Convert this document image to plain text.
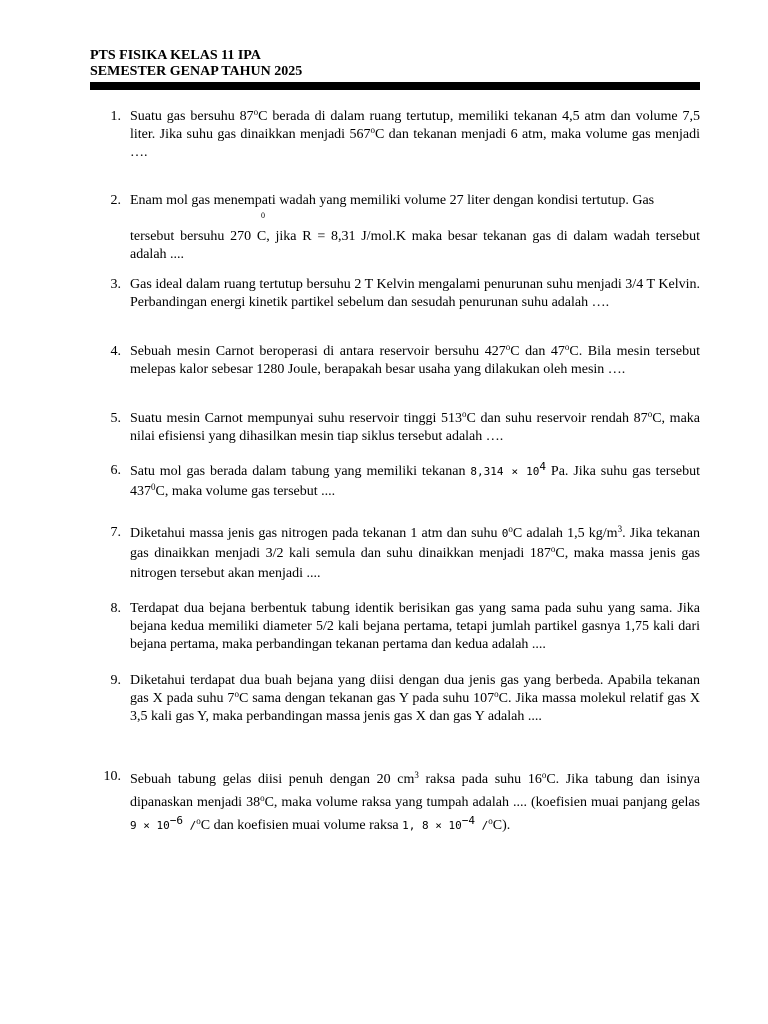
PTS FISIKA KELAS 11 IPA
SEMESTER GENAP TAHUN 2025
1. Suatu gas bersuhu 87$^o$C berada di dalam ruang tertutup, memiliki tekanan 4,5 atm dan volume 7,5 liter. Jika suhu gas dinaikkan menjadi 567$^o$C dan tekanan menjadi 6 atm, maka volume gas menjadi ….
2. Enam mol gas menempati wadah yang memiliki volume 27 liter dengan kondisi tertutup. Gas
0
tersebut bersuhu 270 C, jika R = 8,31 J/mol.K maka besar tekanan gas di dalam wadah tersebut adalah ....
3. Gas ideal dalam ruang tertutup bersuhu 2 T Kelvin mengalami penurunan suhu menjadi 3/4 T Kelvin. Perbandingan energi kinetik partikel sebelum dan sesudah penurunan suhu adalah ….
4. Sebuah mesin Carnot beroperasi di antara reservoir bersuhu 427$^o$C dan 47$^o$C. Bila mesin tersebut melepas kalor sebesar 1280 Joule, berapakah besar usaha yang dilakukan oleh mesin ….
5. Suatu mesin Carnot mempunyai suhu reservoir tinggi 513$^o$C dan suhu reservoir rendah 87$^o$C, maka nilai efisiensi yang dihasilkan mesin tiap siklus tersebut adalah ….
6. Satu mol gas berada dalam tabung yang memiliki tekanan $8,314 \times 10^4$ Pa. Jika suhu gas tersebut $437^0C$, maka volume gas tersebut ....
7. Diketahui massa jenis gas nitrogen pada tekanan 1 atm dan suhu 0$^o$C adalah 1,5 $kg/m^3$. Jika tekanan gas dinaikkan menjadi 3/2 kali semula dan suhu dinaikkan menjadi 187$^o$C, maka massa jenis gas nitrogen tersebut akan menjadi ....
8. Terdapat dua bejana berbentuk tabung identik berisikan gas yang sama pada suhu yang sama. Jika bejana kedua memiliki diameter 5/2 kali bejana pertama, tetapi jumlah partikel gasnya 1,75 kali dari bejana pertama, maka perbandingan tekanan pertama dan kedua adalah ....
9. Diketahui terdapat dua buah bejana yang diisi dengan dua jenis gas yang berbeda. Apabila tekanan gas X pada suhu 7$^o$C sama dengan tekanan gas Y pada suhu 107$^o$C. Jika massa molekul relatif gas X 3,5 kali gas Y, maka perbandingan massa jenis gas X dan gas Y adalah ....
10. Sebuah tabung gelas diisi penuh dengan 20 $cm^3$ raksa pada suhu 16$^o$C. Jika tabung dan isinya dipanaskan menjadi 38$^o$C, maka volume raksa yang tumpah adalah .... (koefisien muai panjang gelas $9 \times 10^{-6}$ /$^o$C dan koefisien muai volume raksa 1, $8 \times 10^{-4}$ /$^o$C).
